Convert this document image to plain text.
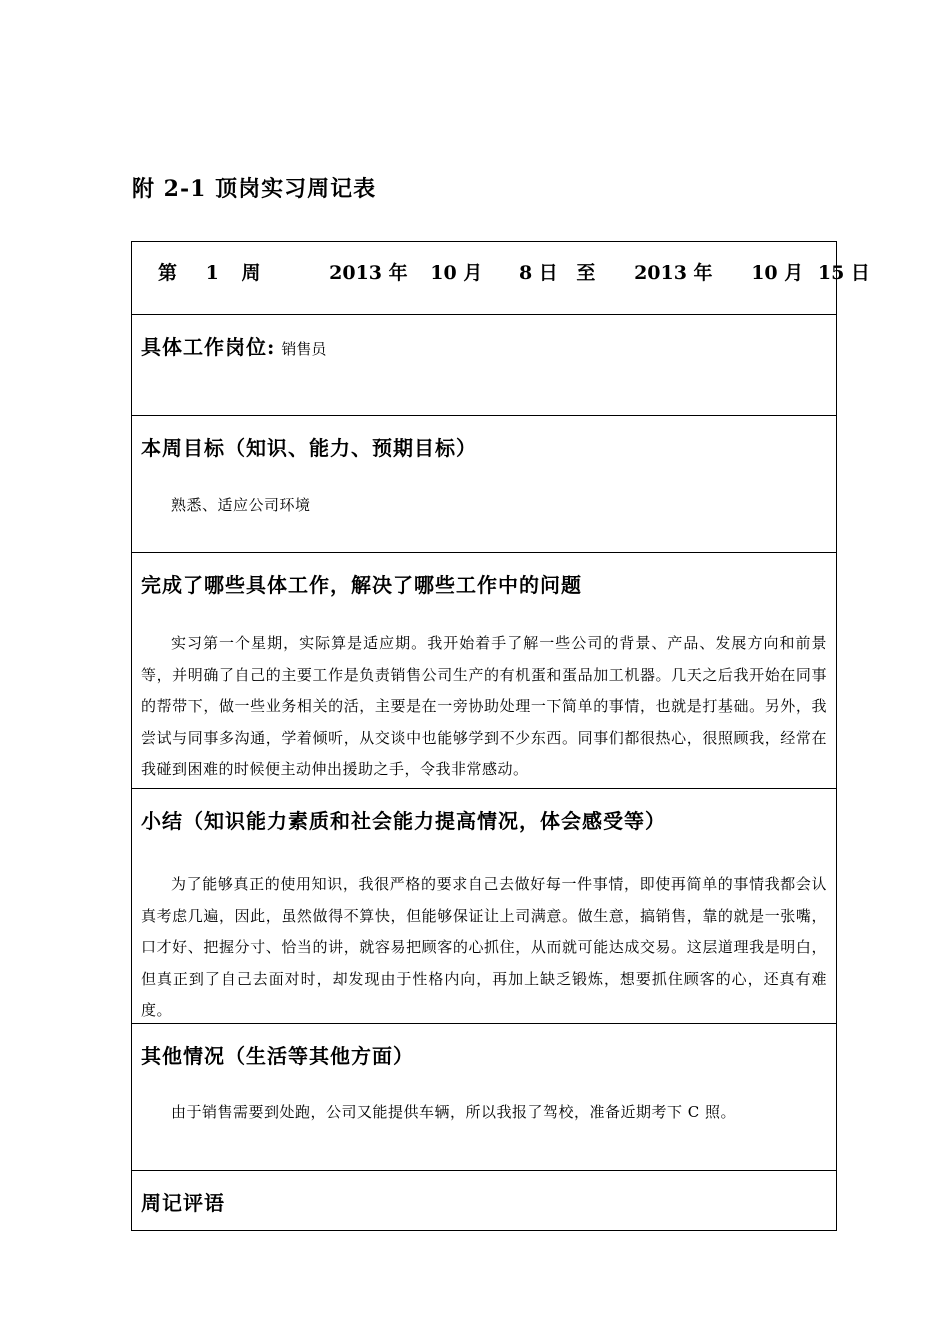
附 2-1 顶岗实习周记表
第 1 周	2013 年 10 月 8 日 至 2013 年 10 月 15 日
具体工作岗位: 销售员
本周目标（知识、能力、预期目标）
熟悉、适应公司环境
完成了哪些具体工作，解决了哪些工作中的问题
实习第一个星期，实际算是适应期。我开始着手了解一些公司的背景、产品、发展方向和前景等，并明确了自己的主要工作是负责销售公司生产的有机蛋和蛋品加工机器。几天之后我开始在同事的帮带下，做一些业务相关的活，主要是在一旁协助处理一下简单的事情，也就是打基础。另外，我尝试与同事多沟通，学着倾听，从交谈中也能够学到不少东西。同事们都很热心，很照顾我，经常在我碰到困难的时候便主动伸出援助之手，令我非常感动。
小结（知识能力素质和社会能力提高情况，体会感受等）
为了能够真正的使用知识，我很严格的要求自己去做好每一件事情，即使再简单的事情我都会认真考虑几遍，因此，虽然做得不算快，但能够保证让上司满意。做生意，搞销售，靠的就是一张嘴，口才好、把握分寸、恰当的讲，就容易把顾客的心抓住，从而就可能达成交易。这层道理我是明白，但真正到了自己去面对时，却发现由于性格内向，再加上缺乏锻炼，想要抓住顾客的心，还真有难度。
其他情况（生活等其他方面）
由于销售需要到处跑，公司又能提供车辆，所以我报了驾校，准备近期考下 C 照。
周记评语
